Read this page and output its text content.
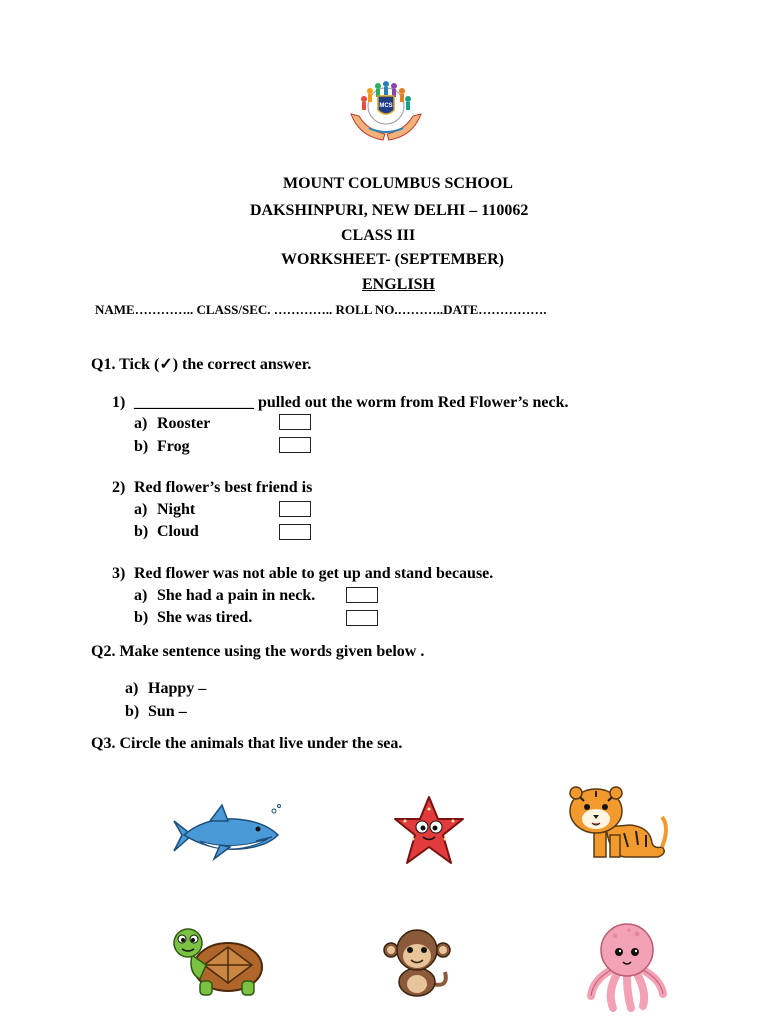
MCS
MOUNT COLUMBUS SCHOOL
DAKSHINPURI, NEW DELHI – 110062
CLASS III
WORKSHEET- (SEPTEMBER)
ENGLISH
NAME………….. CLASS/SEC. ………….. ROLL NO.………..DATE…………….
Q1. Tick (✓) the correct answer.
1) _______________ pulled out the worm from Red Flower’s neck.
a) Rooster
b) Frog
2) Red flower’s best friend is
a) Night
b) Cloud
3) Red flower was not able to get up and stand because.
a) She had a pain in neck.
b) She was tired.
Q2. Make sentence using the words given below .
a) Happy –
b) Sun –
Q3. Circle the animals that live under the sea.
